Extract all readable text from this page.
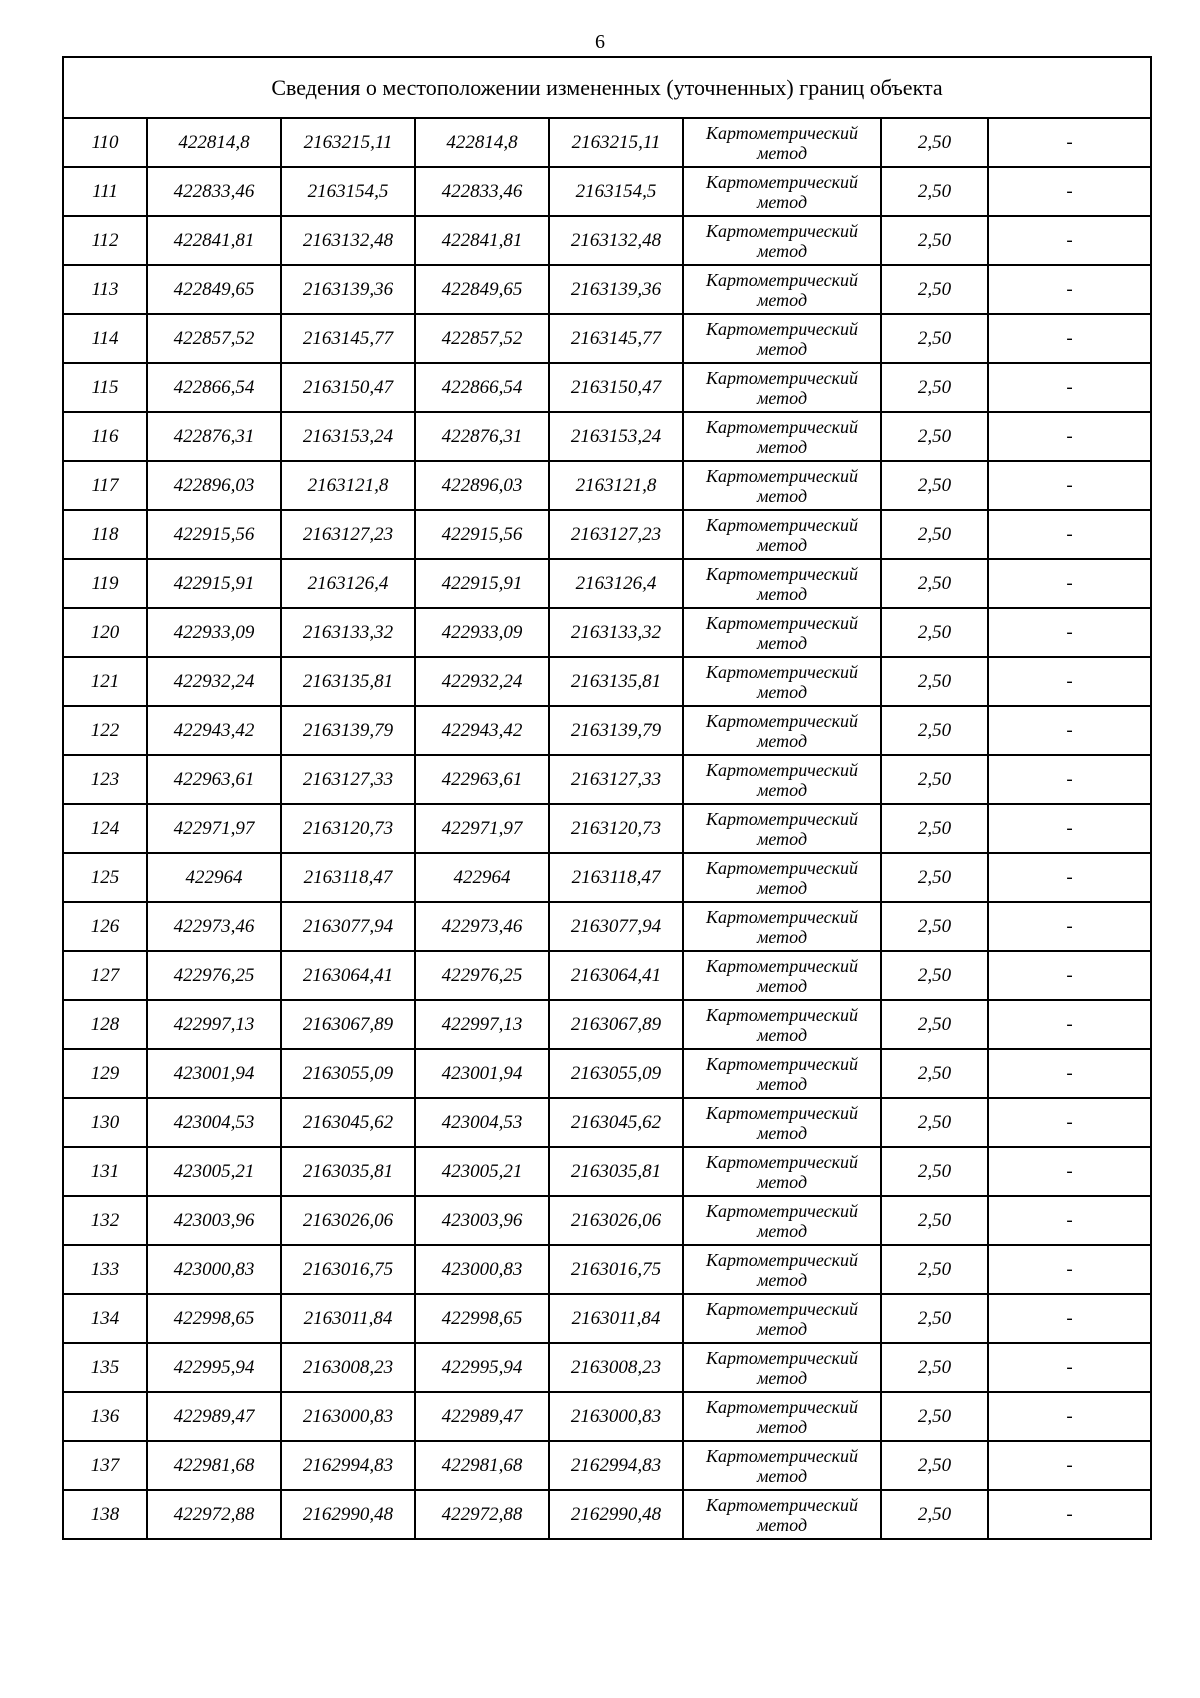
6
Сведения о местоположении измененных (уточненных) границ объекта							
110	422814,8	2163215,11	422814,8	2163215,11	Картометрический метод	2,50	-
111	422833,46	2163154,5	422833,46	2163154,5	Картометрический метод	2,50	-
112	422841,81	2163132,48	422841,81	2163132,48	Картометрический метод	2,50	-
113	422849,65	2163139,36	422849,65	2163139,36	Картометрический метод	2,50	-
114	422857,52	2163145,77	422857,52	2163145,77	Картометрический метод	2,50	-
115	422866,54	2163150,47	422866,54	2163150,47	Картометрический метод	2,50	-
116	422876,31	2163153,24	422876,31	2163153,24	Картометрический метод	2,50	-
117	422896,03	2163121,8	422896,03	2163121,8	Картометрический метод	2,50	-
118	422915,56	2163127,23	422915,56	2163127,23	Картометрический метод	2,50	-
119	422915,91	2163126,4	422915,91	2163126,4	Картометрический метод	2,50	-
120	422933,09	2163133,32	422933,09	2163133,32	Картометрический метод	2,50	-
121	422932,24	2163135,81	422932,24	2163135,81	Картометрический метод	2,50	-
122	422943,42	2163139,79	422943,42	2163139,79	Картометрический метод	2,50	-
123	422963,61	2163127,33	422963,61	2163127,33	Картометрический метод	2,50	-
124	422971,97	2163120,73	422971,97	2163120,73	Картометрический метод	2,50	-
125	422964	2163118,47	422964	2163118,47	Картометрический метод	2,50	-
126	422973,46	2163077,94	422973,46	2163077,94	Картометрический метод	2,50	-
127	422976,25	2163064,41	422976,25	2163064,41	Картометрический метод	2,50	-
128	422997,13	2163067,89	422997,13	2163067,89	Картометрический метод	2,50	-
129	423001,94	2163055,09	423001,94	2163055,09	Картометрический метод	2,50	-
130	423004,53	2163045,62	423004,53	2163045,62	Картометрический метод	2,50	-
131	423005,21	2163035,81	423005,21	2163035,81	Картометрический метод	2,50	-
132	423003,96	2163026,06	423003,96	2163026,06	Картометрический метод	2,50	-
133	423000,83	2163016,75	423000,83	2163016,75	Картометрический метод	2,50	-
134	422998,65	2163011,84	422998,65	2163011,84	Картометрический метод	2,50	-
135	422995,94	2163008,23	422995,94	2163008,23	Картометрический метод	2,50	-
136	422989,47	2163000,83	422989,47	2163000,83	Картометрический метод	2,50	-
137	422981,68	2162994,83	422981,68	2162994,83	Картометрический метод	2,50	-
138	422972,88	2162990,48	422972,88	2162990,48	Картометрический метод	2,50	-
